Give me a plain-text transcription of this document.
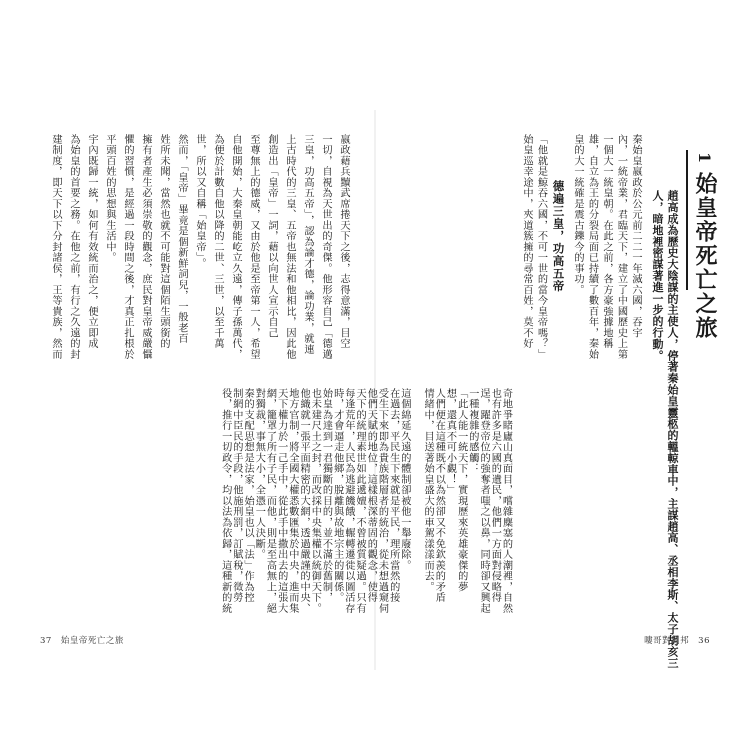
嬴政藉兵黷武席捲天下之後，志得意滿，目空
一切，自視為天世出的奇傑。他形容自己「德邁
三皇，功高五帝」，認為論才德，論功業，就連
上古時代的三皇、五帝也無法和他相比，因此他
創造出「皇帝」一詞，藉以向世人宣示自己
至尊無上的德威，又由於他是至帝第一人，希望
自他開始，大秦皇朝能屹立久遠，傳子孫萬代，
為便於計數自他以降的二世、三世，以至千萬
世，所以又自稱「始皇帝」。
然而，「皇帝」畢竟是個新鮮詞兒，一般老百
姓所未聞，當然也就不可能對這個陌生頭銜的
擁有者產生必須崇敬的觀念，庶民對皇帝威嚴懾
懼的習慣，是經過一段時間之後，才真正扎根於
平頭百姓的思想與生活中。
宇內既歸一統，如何有效統而治之，便立即成
為始皇的首要之務。在他之前，有行之久遠的封
建制度，即天下以下分封諸侯，王等貴族，然而	1
始皇帝死亡之旅
趙高成為歷史大陰謀的主使人，停著秦始皇靈柩的轀輬車中，主謀趙高、丞相李斯、太子胡亥三
人，暗地裡密謀著進一步的行動。
秦始皇嬴政於公元前二二一年滅六國，吞宇
內，一統帝業，君臨天下，建立了中國歷史上第
一個大一統皇朝。在此之前，各方豪強據地稱
雄，自立為王的分裂局面已持續了數百年，秦始
皇的大一統確是震古鑠今的事功。
德遍三皇，功高五帝
「他就是鯨吞六國，不可一世的當今皇帝嗎？」
始皇巡幸途中，夾道簇擁的尋常百姓，莫不好
奇地爭睹廬山真面目，嚐雜麋塞的人潮裡，自然
也有許多是六國的遺民，他們一方面對侵略得
逞，躍登帝位的強奪者嗤之以鼻，同時卻又興起
一種複雜的感觸：
「此人能一統天下，實現歷來英雄豪傑的夢
想，還真不可小覷！」
人們便在這種既不以為然卻又不免欽羨的矛盾
情緒中，目送著始皇盛大的車駕漾漾而去。
這個綿延久遠的體制卻被他一舉廢除。
在過去，平民生下來就是平民，理所當然的接
受生下來即為貴族階層者的統治，從未想過窺伺
他們天賦的地位，這樣根深蒂固的觀念，使得
天下的統理素世如此遞嬗，不曾被質疑過。只有
每逢荒年，人民為逃避饑餓，輾轉遷徙以圖活存
時，才會逼走他鄉，脫離與故地宗主的關係。
始皇為達到一君獨斷的目的，並不滿於舊制，
也未建尺土之封，而改採中央集權以統御天下。
他織就一張平面精密的大網，透過嚴謹的中央、
地方官制，將全國大權悉數匯集於中央，進而集
天下權力於一己手中，從此手中撒出去的這張大
網，籠罩了所有子民，而他，則是至高無上，絕
對獨裁，事無大小，全憑一人決斷。
秦的支配思想是法家，始皇也以「法」作為控
制網中臣民的手段，他施刑罰，訂賦稅，徵勞
役，推行一切政令，均以法為依歸，這種新的統
37　始皇帝死亡之旅	嘍哥對劉邦　36
